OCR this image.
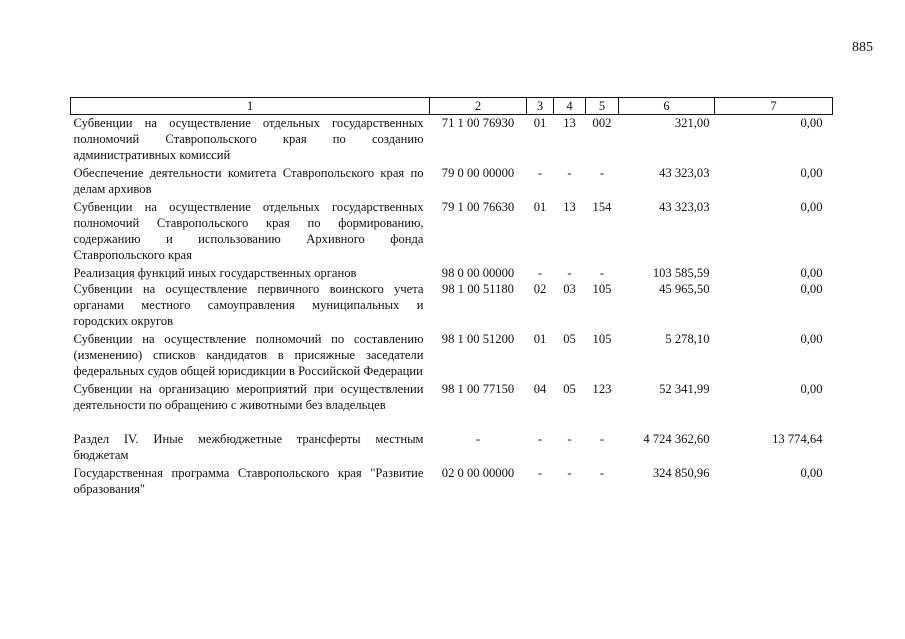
885
1	2	3	4	5	6	7
Субвенции на осуществление отдельных государственных полномочий Ставропольского края по созданию административных комиссий	71 1 00 76930	01	13	002	321,00	0,00
Обеспечение деятельности комитета Ставропольского края по делам архивов	79 0 00 00000	-	-	-	43 323,03	0,00
Субвенции на осуществление отдельных государственных полномочий Ставропольского края по формированию, содержанию и использованию Архивного фонда Ставропольского края	79 1 00 76630	01	13	154	43 323,03	0,00
Реализация функций иных государственных органов	98 0 00 00000	-	-	-	103 585,59	0,00
Субвенции на осуществление первичного воинского учета органами местного самоуправления муниципальных и городских округов	98 1 00 51180	02	03	105	45 965,50	0,00
Субвенции на осуществление полномочий по составлению (изменению) списков кандидатов в присяжные заседатели федеральных судов общей юрисдикции в Российской Федерации	98 1 00 51200	01	05	105	5 278,10	0,00
Субвенции на организацию мероприятий при осуществлении деятельности по обращению с животными без владельцев	98 1 00 77150	04	05	123	52 341,99	0,00

Раздел IV. Иные межбюджетные трансферты местным бюджетам	-	-	-	-	4 724 362,60	13 774,64
Государственная программа Ставропольского края "Развитие образования"	02 0 00 00000	-	-	-	324 850,96	0,00
